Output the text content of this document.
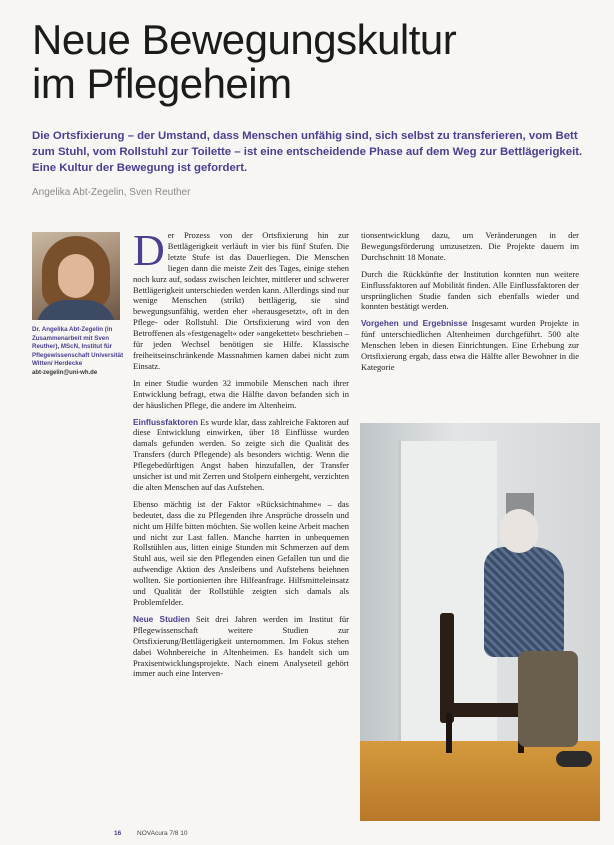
Neue Bewegungskultur
im Pflegeheim

Die Ortsfixierung – der Umstand, dass Menschen unfähig sind, sich selbst zu transferieren, vom Bett zum Stuhl, vom Rollstuhl zur Toilette – ist eine entscheidende Phase auf dem Weg zur Bettlägerigkeit. Eine Kultur der Bewegung ist gefordert.

Angelika Abt-Zegelin, Sven Reuther

Dr. Angelika Abt-Zegelin (in Zusammenarbeit mit Sven Reuther), MScN, Institut für Pflegewissenschaft Universität Witten/ Herdecke

abt-zegelin@uni-wh.de

Der Prozess von der Ortsfixierung hin zur Bettlägerigkeit verläuft in vier bis fünf Stufen. Die letzte Stufe ist das Dauerliegen. Die Menschen liegen dann die meiste Zeit des Tages, einige stehen noch kurz auf, sodass zwischen leichter, mittlerer und schwerer Bettlägerigkeit unterschieden werden kann. Allerdings sind nur wenige Menschen (strikt) bettlägerig, sie sind bewegungsunfähig, werden eher »herausgesetzt«, oft in den Pflege- oder Rollstuhl. Die Ortsfixierung wird von den Betroffenen als »festgenagelt« oder »angekettet« beschrieben – für jeden Wechsel benötigen sie Hilfe. Klassische freiheitseinschränkende Massnahmen kamen dabei nicht zum Einsatz.

In einer Studie wurden 32 immobile Menschen nach ihrer Entwicklung befragt, etwa die Hälfte davon befanden sich in der häuslichen Pflege, die andere im Altenheim.

Einflussfaktoren Es wurde klar, dass zahlreiche Faktoren auf diese Entwicklung einwirken, über 18 Einflüsse wurden damals gefunden werden. So zeigte sich die Qualität des Transfers (durch Pflegende) als besonders wichtig. Wenn die Pflegebedürftigen Angst haben hinzufallen, der Transfer unsicher ist und mit Zerren und Stolpern einhergeht, verzichten die alten Menschen auf das Aufstehen.

Ebenso mächtig ist der Faktor »Rücksichtnahme« – das bedeutet, dass die zu Pflegenden ihre Ansprüche drosseln und nicht um Hilfe bitten möchten. Sie wollen keine Arbeit machen und nicht zur Last fallen. Manche harrten in unbequemen Rollstühlen aus, litten einige Stunden mit Schmerzen auf dem Stuhl aus, weil sie den Pflegenden einen Gefallen tun und die aufwendige Aktion des Ansleibens und Aufstehens beiehnen wollten. Sie portionierten ihre Hilfeanfrage. Hilfsmitteleinsatz und Qualität der Rollstühle zeigten sich damals als Problemfelder.

Neue Studien Seit drei Jahren werden im Institut für Pflegewissenschaft weitere Studien zur Ortsfixierung/Bettlägerigkeit unternommen. Im Fokus stehen dabei Wohnbereiche in Altenheimen. Es handelt sich um Praxisentwicklungsprojekte. Nach einem Analyseteil gehört immer auch eine Interven-

tionsentwicklung dazu, um Veränderungen in der Bewegungsförderung umzusetzen. Die Projekte dauern im Durchschnitt 18 Monate.

Durch die Rückkünfte der Institution konnten nun weitere Einflussfaktoren auf Mobilität finden. Alle Einflussfaktoren der ursprünglichen Studie fanden sich ebenfalls wieder und konnten bestätigt werden.

Vorgehen und Ergebnisse Insgesamt wurden Projekte in fünf unterschiedlichen Altenheimen durchgeführt. 500 alte Menschen leben in diesen Einrichtungen. Eine Erhebung zur Ortsfixierung ergab, dass etwa die Hälfte aller Bewohner in die Kategorie

16 NOVAcura 7/8 10
